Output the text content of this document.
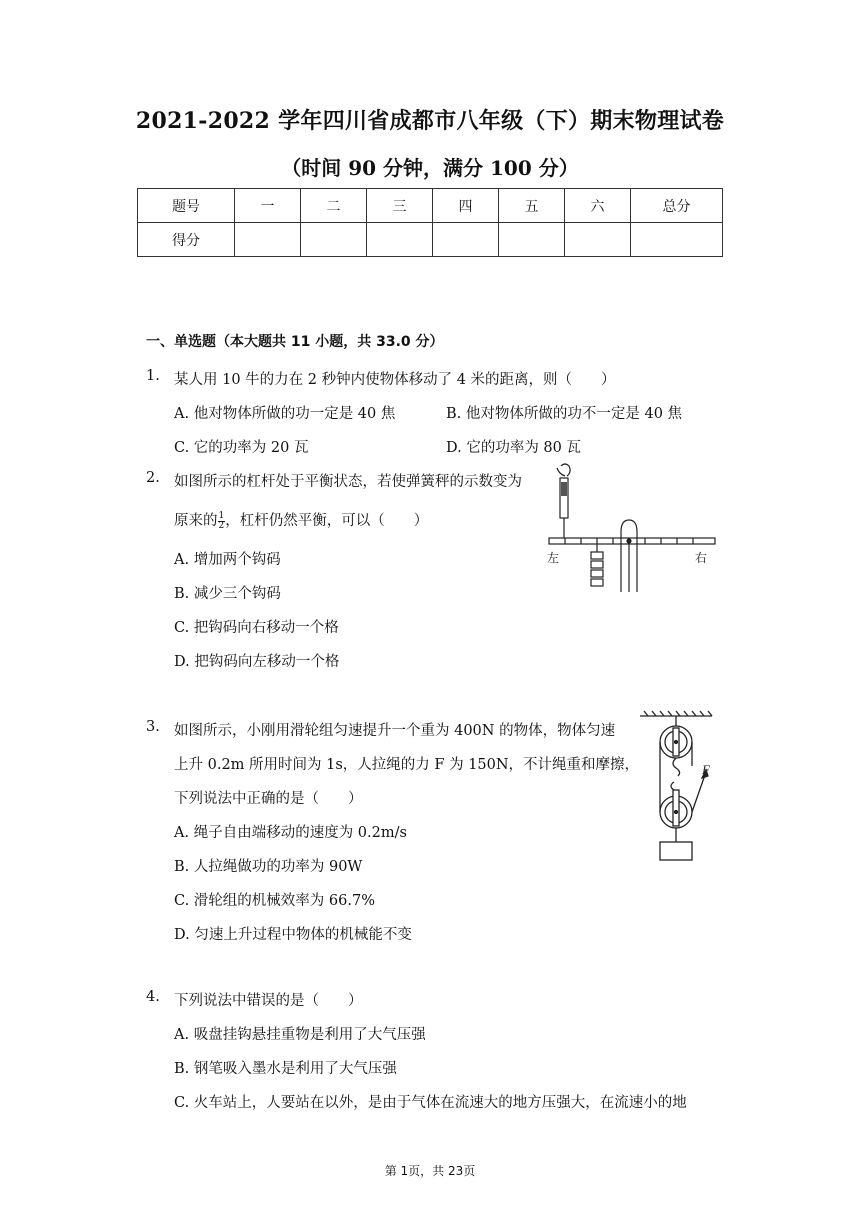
2021-2022 学年四川省成都市八年级（下）期末物理试卷
（时间 90 分钟，满分 100 分）
题号	一	二	三	四	五	六	总分
得分							
一、单选题（本大题共 11 小题，共 33.0 分）
1. 某人用 10 牛的力在 2 秒钟内使物体移动了 4 米的距离，则（　　）
A. 他对物体所做的功一定是 40 焦	B. 他对物体所做的功不一定是 40 焦
C. 它的功率为 20 瓦	D. 它的功率为 80 瓦
2. 如图所示的杠杆处于平衡状态，若使弹簧秤的示数变为
原来的 $\frac{1}{2}$ ，杠杆仍然平衡，可以（　　）
A. 增加两个钩码
B. 减少三个钩码
C. 把钩码向右移动一个格
D. 把钩码向左移动一个格
左	右
3. 如图所示，小刚用滑轮组匀速提升一个重为 400N 的物体，物体匀速
上升 0.2m 所用时间为 1s，人拉绳的力 F 为 150N，不计绳重和摩擦，
下列说法中正确的是（　　）
A. 绳子自由端移动的速度为 0.2m/s
B. 人拉绳做功的功率为 90W
C. 滑轮组的机械效率为 66.7%
D. 匀速上升过程中物体的机械能不变
F
4. 下列说法中错误的是（　　）
A. 吸盘挂钩悬挂重物是利用了大气压强
B. 钢笔吸入墨水是利用了大气压强
C. 火车站上，人要站在以外，是由于气体在流速大的地方压强大，在流速小的地
第 1页，共 23页
